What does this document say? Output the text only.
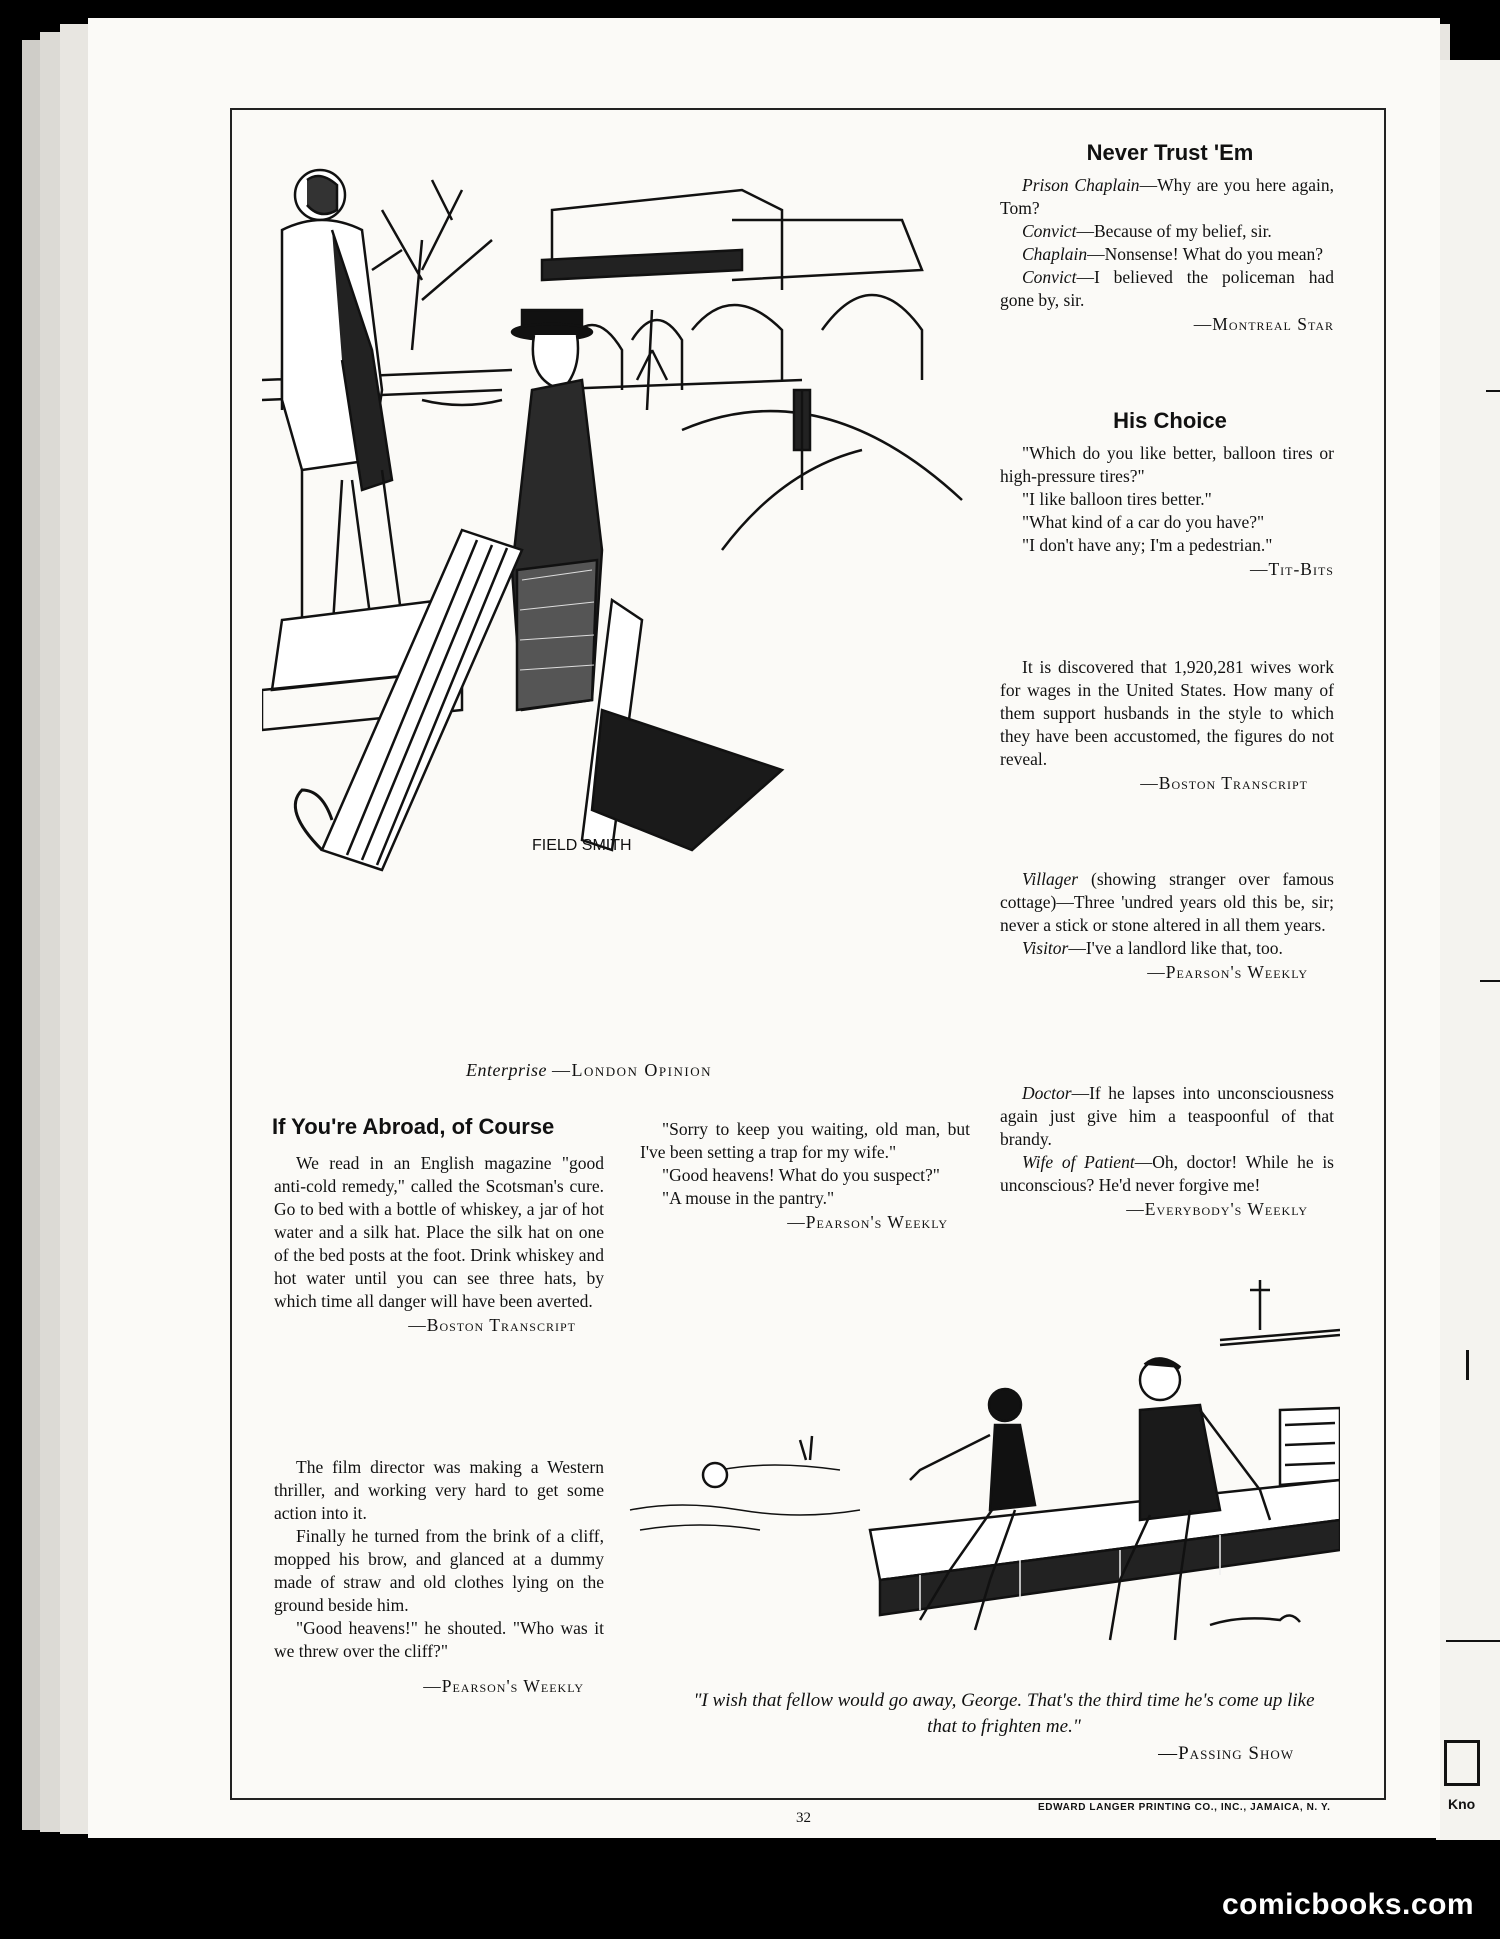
Kno
FIELD SMITH
Enterprise —London Opinion
Never Trust 'Em

Prison Chaplain—Why are you here again, Tom?

Convict—Because of my belief, sir.

Chaplain—Nonsense! What do you mean?

Convict—I believed the policeman had gone by, sir.

—Montreal Star
His Choice

"Which do you like better, balloon tires or high-pressure tires?"

"I like balloon tires better."

"What kind of a car do you have?"

"I don't have any; I'm a pedestrian."

—Tit-Bits

It is discovered that 1,920,281 wives work for wages in the United States. How many of them support husbands in the style to which they have been accustomed, the figures do not reveal.

—Boston Transcript

Villager (showing stranger over famous cottage)—Three 'undred years old this be, sir; never a stick or stone altered in all them years.

Visitor—I've a landlord like that, too.

—Pearson's Weekly

Doctor—If he lapses into unconsciousness again just give him a teaspoonful of that brandy.

Wife of Patient—Oh, doctor! While he is unconscious? He'd never forgive me!

—Everybody's Weekly
If You're Abroad, of Course

We read in an English magazine "good anti-cold remedy," called the Scotsman's cure. Go to bed with a bottle of whiskey, a jar of hot water and a silk hat. Place the silk hat on one of the bed posts at the foot. Drink whiskey and hot water until you can see three hats, by which time all danger will have been averted.

—Boston Transcript

The film director was making a Western thriller, and working very hard to get some action into it.

Finally he turned from the brink of a cliff, mopped his brow, and glanced at a dummy made of straw and old clothes lying on the ground beside him.

"Good heavens!" he shouted. "Who was it we threw over the cliff?"

—Pearson's Weekly

"Sorry to keep you waiting, old man, but I've been setting a trap for my wife."

"Good heavens! What do you suspect?"

"A mouse in the pantry."

—Pearson's Weekly
"I wish that fellow would go away, George. That's the third time he's come up like that to frighten me."
—Passing Show
32
EDWARD LANGER PRINTING CO., INC., JAMAICA, N. Y.
comicbooks.com
